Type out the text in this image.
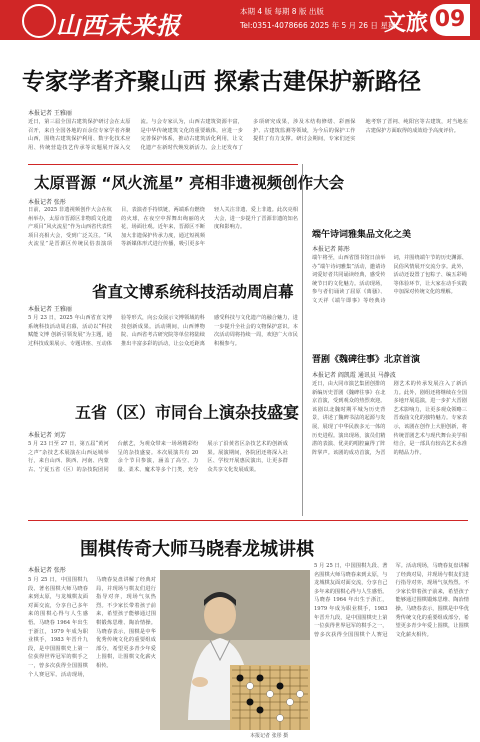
山西未来报	本期 4 版 每期 8 版 出版
Tel:0351-4078666 2025 年 5 月 26 日 星期一
文旅 09
专家学者齐聚山西 探索古建保护新路径
本报记者 王雅丽
近日，第三届全国古建筑保护研讨会在太原召开，来自全国各地的百余位专家学者齐聚山西，围绕古建筑保护利用、数字化技术应用、传统营造技艺传承等议题展开深入交流。与会专家认为，山西古建筑资源丰富，是中华传统建筑文化的重要载体，应进一步完善保护体系，推动古建筑活化利用，让文化遗产在新时代焕发新活力。会上还发布了多项研究成果，涉及木结构修缮、彩画保护、古建筑监测等领域，为今后的保护工作提供了有力支撑。研讨会期间，专家们还实地考察了晋祠、纯阳宫等古建筑，对当地在古建保护方面取得的成效给予高度评价。
太原晋源 “风火流星” 亮相非遗视频创作大会
本报记者 张彤
日前，2025 非遗视频创作大会在杭州举办，太原市晋源区非物质文化遗产项目“风火流星”作为山西省代表性项目亮相大会，受到广泛关注。“风火流星”是晋源区传统民俗表演项目，表演者手持铁链，两端系有燃烧的火球，在夜空中挥舞出绚丽的火花，场面壮观。近年来，晋源区不断加大非遗保护传承力度，通过短视频等新媒体形式进行传播，吸引更多年轻人关注非遗、爱上非遗。此次亮相大会，进一步提升了晋源非遗的知名度和影响力。
省直文博系统科技活动周启幕
本报记者 王雅丽
5 月 23 日，2025 年山西省直文博系统科技活动周启幕，活动以“科技赋能文博 创新引领发展”为主题，通过科技成果展示、专题讲座、互动体验等形式，向公众展示文博领域的科技创新成果。活动期间，山西博物院、山西省考古研究院等单位将陆续推出丰富多彩的活动，让公众近距离感受科技与文化遗产的融合魅力，进一步提升全社会的文物保护意识。本次活动周将持续一周，欢迎广大市民积极参与。
五省（区）市同台上演杂技盛宴
本报记者 刘芳
5 月 23 日至 27 日，第五届“黄河之声”杂技艺术展演在山西运城举行，来自山西、陕西、河南、内蒙古、宁夏五省（区）的杂技院团同台献艺，为观众带来一场场精彩纷呈的杂技盛宴。本次展演共有 20 余个节目参演，涵盖了高空、力量、柔术、魔术等多个门类，充分展示了沿黄省区杂技艺术的创新成果。展演期间，各院团还将深入社区、学校开展惠民演出，让更多群众共享文化发展成果。
端午诗词雅集品文化之美
本报记者 陈彤
端午将至，山西省图书馆日前举办“端午诗词雅集”活动，邀请诗词爱好者共同诵读经典，感受传统节日的文化魅力。活动现场，参与者们诵读了屈原《离骚》、文天祥《端午即事》等经典诗词，并围绕端午节的历史渊源、民俗风情展开交流分享。此外，活动还设置了包粽子、编五彩绳等体验环节，让大家在动手实践中加深对传统文化的理解。
晋剧《魏碑往事》北京首演
本报记者 阎凯霞 通讯员 马静波
近日，由大同市演艺集团创排的新编历史晋剧《魏碑往事》在北京首演，受到观众的热烈欢迎。该剧以北魏时期平城为历史背景，讲述了魏碑书法的起源与发展，展现了中华民族多元一体的历史进程。演出现场，演员们精湛的表演、优美的唱腔赢得了阵阵掌声。该剧的成功首演，为晋剧艺术的传承发展注入了新活力。此外，剧组还将继续在全国多地开展巡演，进一步扩大晋剧艺术影响力，让更多观众领略三晋戏曲文化的独特魅力。专家表示，该剧在创作上大胆创新，将传统晋剧艺术与现代舞台美学相结合，是一部具有较高艺术水准的精品力作。
围棋传奇大师马晓春龙城讲棋
本报记者 张彤
5 月 25 日，中国围棋九段、著名围棋大师马晓春来到太原，与龙城棋友面对面交流，分享自己多年来的围棋心得与人生感悟。马晓春 1964 年出生于浙江，1979 年成为职业棋手，1983 年晋升九段，是中国围棋史上第一位获得世界冠军的棋手之一，曾多次获得全国围棋个人赛冠军。活动现场，马晓春复盘讲解了经典对局，并现场与棋友们进行指导对弈，现场气氛热烈。不少家长带着孩子前来，希望孩子能够通过围棋锻炼思维、陶冶情操。马晓春表示，围棋是中华优秀传统文化的重要组成部分，希望更多青少年爱上围棋，让围棋文化薪火相传。
本报记者 张彤 摄
5 月 25 日，中国围棋九段、著名围棋大师马晓春来到太原，与龙城棋友面对面交流，分享自己多年来的围棋心得与人生感悟。马晓春 1964 年出生于浙江，1979 年成为职业棋手，1983 年晋升九段，是中国围棋史上第一位获得世界冠军的棋手之一，曾多次获得全国围棋个人赛冠军。活动现场，马晓春复盘讲解了经典对局，并现场与棋友们进行指导对弈，现场气氛热烈。不少家长带着孩子前来，希望孩子能够通过围棋锻炼思维、陶冶情操。马晓春表示，围棋是中华优秀传统文化的重要组成部分，希望更多青少年爱上围棋，让围棋文化薪火相传。
